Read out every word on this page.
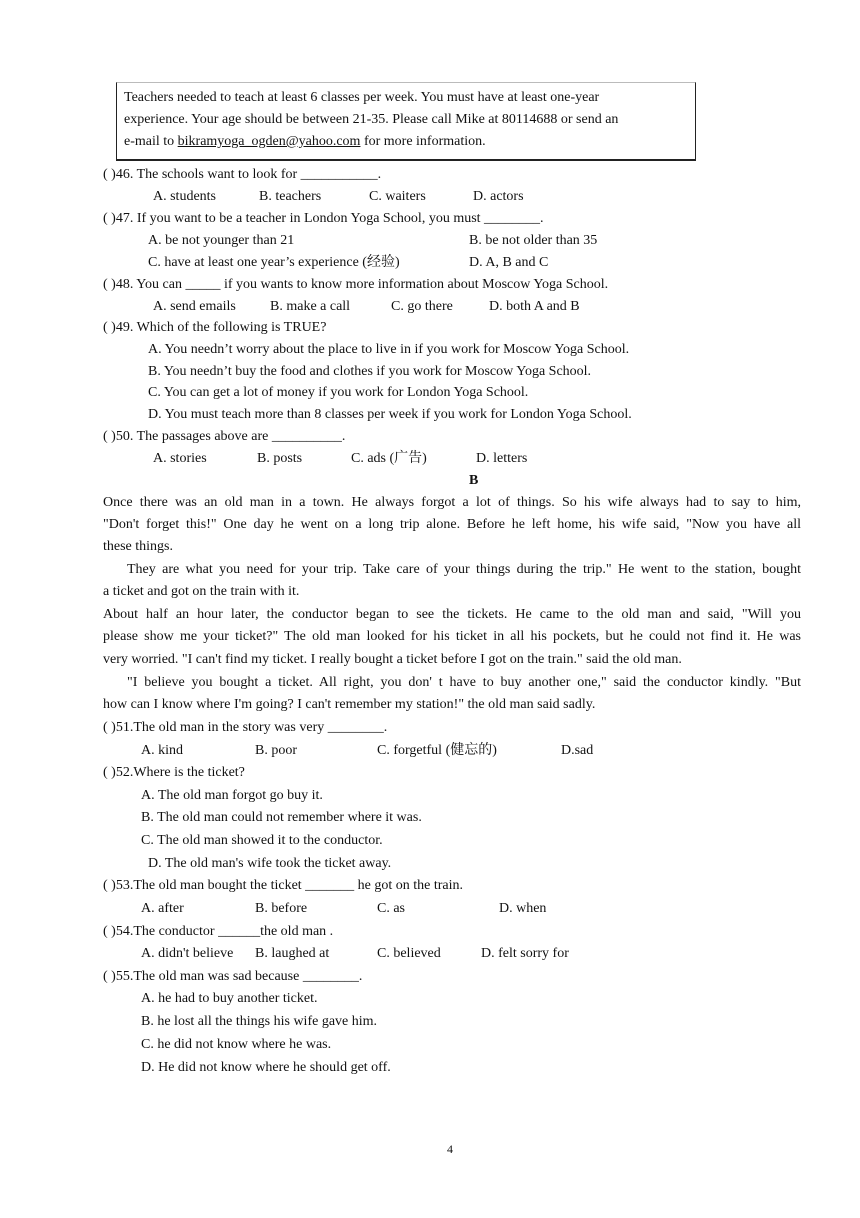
Teachers needed to teach at least 6 classes per week. You must have at least one-year
experience. Your age should be between 21-35. Please call Mike at 80114688 or send an
e-mail to bikramyoga_ogden@yahoo.com for more information.
( )46. The schools want to look for ___________.
A. students	B. teachers	C. waiters	D. actors
( )47. If you want to be a teacher in London Yoga School, you must ________.
A. be not younger than 21	B. be not older than 35
C. have at least one year’s experience (经验)	D. A, B and C
( )48. You can _____ if you wants to know more information about Moscow Yoga School.
A. send emails B. make a call	C. go there	D. both A and B
( )49. Which of the following is TRUE?
A. You needn’t worry about the place to live in if you work for Moscow Yoga School.
B. You needn’t buy the food and clothes if you work for Moscow Yoga School.
C. You can get a lot of money if you work for London Yoga School.
D. You must teach more than 8 classes per week if you work for London Yoga School.
( )50. The passages above are __________.
A. stories	B. posts	C. ads (广告)	D. letters
B
Once there was an old man in a town. He always forgot a lot of things. So his wife always had to say to him,
"Don't forget this!" One day he went on a long trip alone. Before he left home, his wife said, "Now you have all
these things.
They are what you need for your trip. Take care of your things during the trip." He went to the station, bought
a ticket and got on the train with it.
About half an hour later, the conductor began to see the tickets. He came to the old man and said, "Will you
please show me your ticket?" The old man looked for his ticket in all his pockets, but he could not find it. He was
very worried. "I can't find my ticket. I really bought a ticket before I got on the train." said the old man.
"I believe you bought a ticket. All right, you don' t have to buy another one," said the conductor kindly. "But
how can I know where I'm going? I can't remember my station!" the old man said sadly.
( )51.The old man in the story was very ________.
A. kind	B. poor	C. forgetful (健忘的)	D.sad
( )52.Where is the ticket?
A. The old man forgot go buy it.
B. The old man could not remember where it was.
C. The old man showed it to the conductor.
D. The old man's wife took the ticket away.
( )53.The old man bought the ticket _______ he got on the train.
A. after	B. before	C. as	D. when
( )54.The conductor ______the old man .
A. didn't believe B. laughed at	C. believed	D. felt sorry for
( )55.The old man was sad because ________.
A. he had to buy another ticket.
B. he lost all the things his wife gave him.
C. he did not know where he was.
D. He did not know where he should get off.
4
